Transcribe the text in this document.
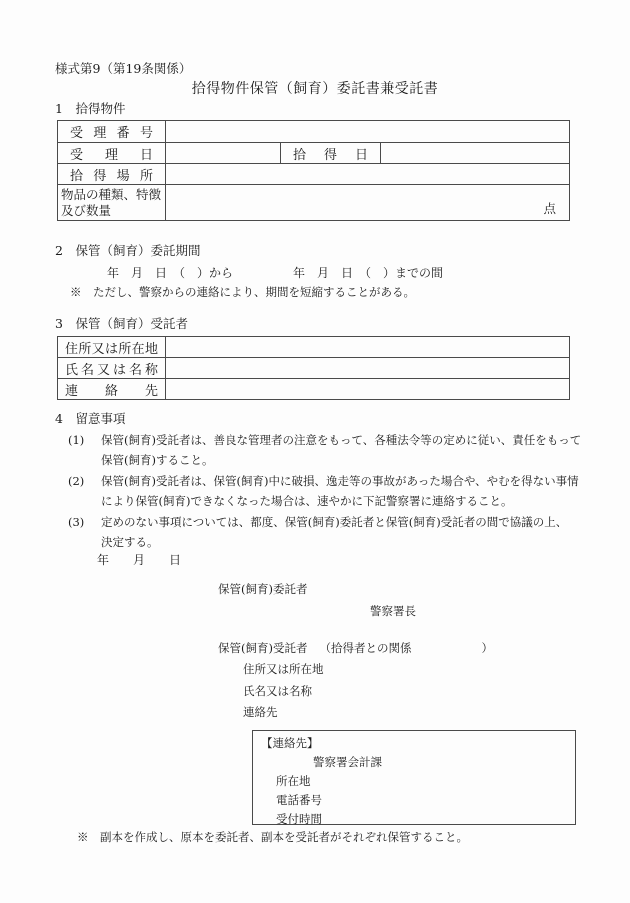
様式第9（第19条関係）
拾得物件保管（飼育）委託書兼受託書
1　拾得物件
受理番号			
受理日		拾得日	
拾得場所			

物品の種類、特徴
及び数量	点		
2　保管（飼育）委託期間
年　月　日　（　）から	年　月　日　（　）までの間
※　ただし、警察からの連絡により、期間を短縮することがある。
3　保管（飼育）受託者
住所又は所在地	
氏名又は名称	
連絡先	
4　留意事項
(1) 保管(飼育)受託者は、善良な管理者の注意をもって、各種法令等の定めに従い、責任をもって
保管(飼育)すること。
(2) 保管(飼育)受託者は、保管(飼育)中に破損、逸走等の事故があった場合や、やむを得ない事情
により保管(飼育)できなくなった場合は、速やかに下記警察署に連絡すること。
(3) 定めのない事項については、都度、保管(飼育)委託者と保管(飼育)受託者の間で協議の上、
決定する。
年　　月　　日
保管(飼育)委託者
警察署長
保管(飼育)受託者 （拾得者との関係	）
住所又は所在地
氏名又は名称
連絡先
【連絡先】
警察署会計課
所在地
電話番号
受付時間
※　副本を作成し、原本を委託者、副本を受託者がそれぞれ保管すること。
